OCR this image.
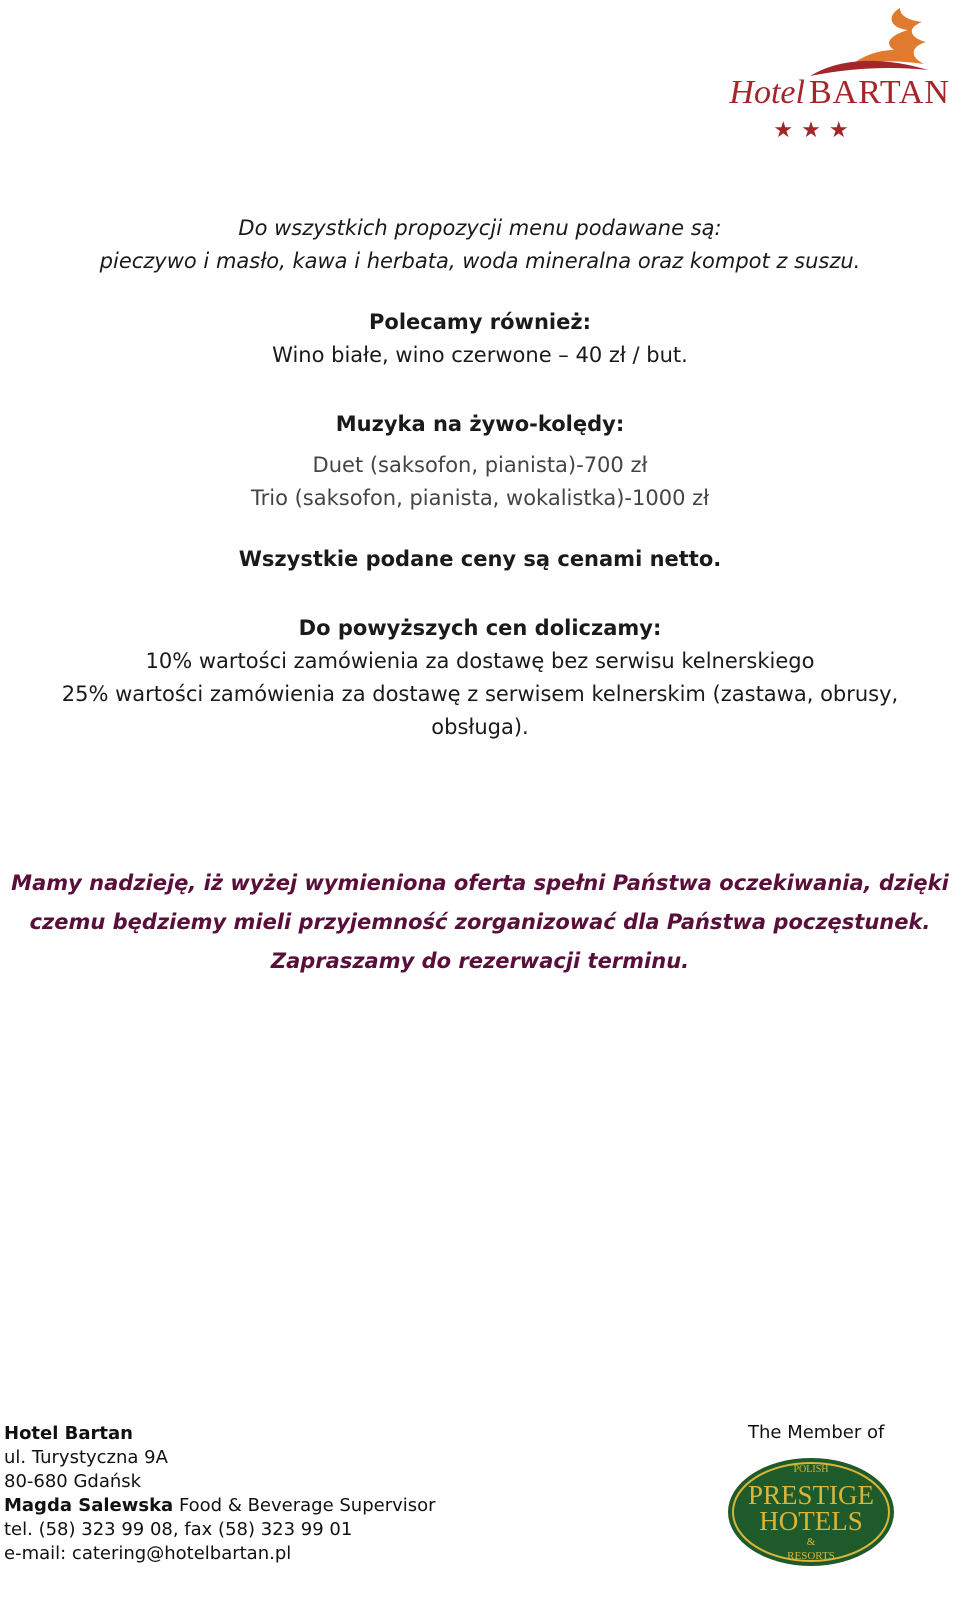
Hotel BARTAN
★★★
Do wszystkich propozycji menu podawane są:
pieczywo i masło, kawa i herbata, woda mineralna oraz kompot z suszu.
Polecamy również:
Wino białe, wino czerwone – 40 zł / but.
Muzyka na żywo-kolędy:
Duet (saksofon, pianista)-700 zł
Trio (saksofon, pianista, wokalistka)-1000 zł
Wszystkie podane ceny są cenami netto.
Do powyższych cen doliczamy:
10% wartości zamówienia za dostawę bez serwisu kelnerskiego
25% wartości zamówienia za dostawę z serwisem kelnerskim (zastawa, obrusy,
obsługa).
Mamy nadzieję, iż wyżej wymieniona oferta spełni Państwa oczekiwania, dzięki
czemu będziemy mieli przyjemność zorganizować dla Państwa poczęstunek.
Zapraszamy do rezerwacji terminu.
Hotel Bartan
ul. Turystyczna 9A
80-680 Gdańsk
Magda Salewska Food & Beverage Supervisor
tel. (58) 323 99 08, fax (58) 323 99 01
e-mail: catering@hotelbartan.pl
The Member of
POLISH
PRESTIGE
HOTELS
&
RESORTS
